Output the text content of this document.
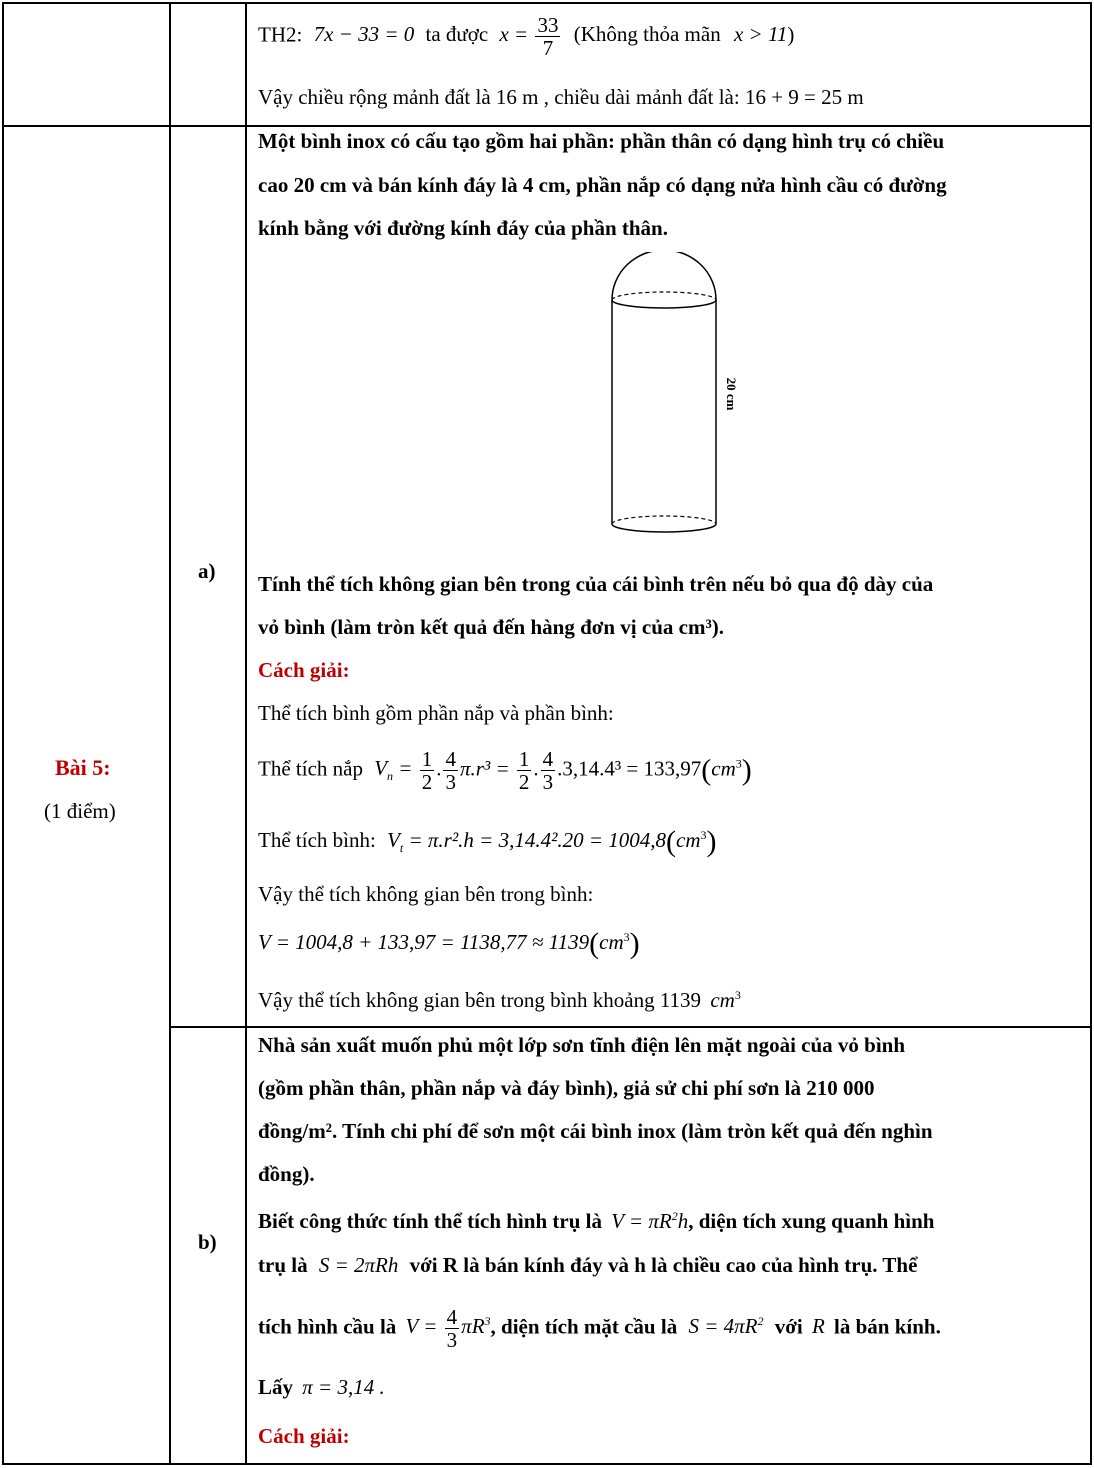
TH2: 7x − 33 = 0 ta được $x = \frac{33}{7}$ (Không thỏa mãn x > 11)
Vậy chiều rộng mảnh đất là 16 m , chiều dài mảnh đất là: 16 + 9 = 25 m
Bài 5:
(1 điểm)
Một bình inox có cấu tạo gồm hai phần: phần thân có dạng hình trụ có chiều
cao 20 cm và bán kính đáy là 4 cm, phần nắp có dạng nửa hình cầu có đường
kính bằng với đường kính đáy của phần thân.
20 cm
a)
Tính thể tích không gian bên trong của cái bình trên nếu bỏ qua độ dày của
vỏ bình (làm tròn kết quả đến hàng đơn vị của cm³).
Cách giải:
Thể tích bình gồm phần nắp và phần bình:
Thể tích nắp $V_n = \frac{1}{2}$ . $\frac{4}{3} \pi.r^3 = \frac{1}{2}$ . $\frac{4}{3} .3,14.4^3 = 133,97(cm^3)$
Thể tích bình: $V_t = \pi.r^2.h = 3,14.4^2.20 = 1004,8(cm^3)$
Vậy thể tích không gian bên trong bình:
$V = 1004,8 + 133,97 = 1138,77 \approx 1139(cm^3)$
Vậy thể tích không gian bên trong bình khoảng 1139 $cm^3$
b)
Nhà sản xuất muốn phủ một lớp sơn tĩnh điện lên mặt ngoài của vỏ bình
(gồm phần thân, phần nắp và đáy bình), giả sử chi phí sơn là 210 000
đồng/m². Tính chi phí để sơn một cái bình inox (làm tròn kết quả đến nghìn
đồng).
Biết công thức tính thể tích hình trụ là $V = \pi R^2h$, diện tích xung quanh hình
trụ là S = 2πRh với R là bán kính đáy và h là chiều cao của hình trụ. Thể
tích hình cầu là $V = \frac{4}{3} \pi R^3$, diện tích mặt cầu là $S = 4\pi R^2$ với R là bán kính.
Lấy π = 3,14 .
Cách giải:
